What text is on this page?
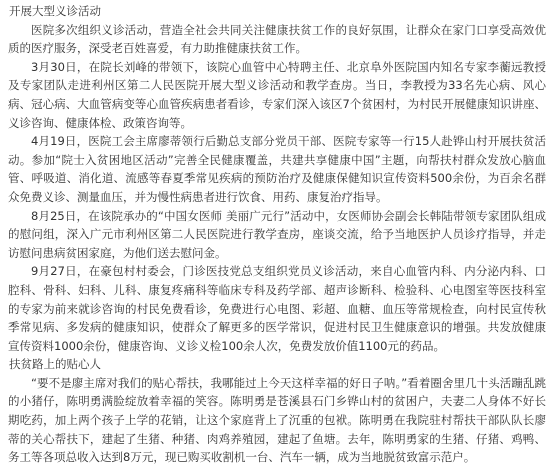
开展大型义诊活动

医院多次组织义诊活动，营造全社会共同关注健康扶贫工作的良好氛围，让群众在家门口享受高效优质的医疗服务，深受老百姓喜爱，有力助推健康扶贫工作。

3月30日，在院长刘峰的带领下，该院心血管中心特聘主任、北京阜外医院国内知名专家李蘅远教授及专家团队走进利州区第二人民医院开展大型义诊活动和教学查房。当日，李教授为33名先心病、风心病、冠心病、大血管病变等心血管疾病患者看诊，专家们深入该区7个贫困村，为村民开展健康知识讲座、义诊咨询、健康体检、政策咨询等。

4月19日，医院工会主席廖蒂领行后勤总支部分党员干部、医院专家等一行15人赴铧山村开展扶贫活动。参加“院士入贫困地区活动”完善全民健康覆盖，共建共享健康中国”主题，向帮扶村群众发放心脑血管、呼吸道、消化道、流感等春夏季常见疾病的预防治疗及健康保健知识宣传资料500余份，为百余名群众免费义诊、测量血压，并为慢性病患者进行饮食、用药、康复治疗指导。

8月25日，在该院承办的“中国女医师 美丽广元行”活动中，女医师协会副会长韩陆带领专家团队组成的慰问组，深入广元市利州区第二人民医院进行教学查房，座谈交流，给予当地医护人员诊疗指导，并走访慰问患病贫困家庭，为他们送去慰问金。

9月27日，在豪包村村委会，门诊医技党总支组织党员义诊活动，来自心血管内科、内分泌内科、口腔科、骨科、妇科、儿科、康复疼痛科等临床专科及药学部、超声诊断科、检验科、心电图室等医技科室的专家为前来就诊咨询的村民免费看诊，免费进行心电图、彩超、血糖、血压等常规检查，向村民宣传秋季常见病、多发病的健康知识，使群众了解更多的医学常识，促进村民卫生健康意识的增强。共发放健康宣传资料1000余份，健康咨询、义诊义检100余人次，免费发放价值1100元的药品。

扶贫路上的贴心人

“要不是廖主席对我们的贴心帮扶，我哪能过上今天这样幸福的好日子呐。”看着圈舍里几十头活蹦乱跳的小猪仔，陈明勇满脸绽放着幸福的笑容。陈明勇是苍溪县石门乡铧山村的贫困户，夫妻二人身体不好长期吃药，加上两个孩子上学的花销，让这个家庭背上了沉重的包袱。陈明勇在我院驻村帮扶干部队队长廖蒂的关心帮扶下，建起了生猪、种猪、肉鸡养殖园，建起了鱼塘。去年，陈明勇家的生猪、仔猪、鸡鸭、务工等各项总收入达到8万元，现已购买收割机一台、汽车一辆，成为当地脱贫致富示范户。
